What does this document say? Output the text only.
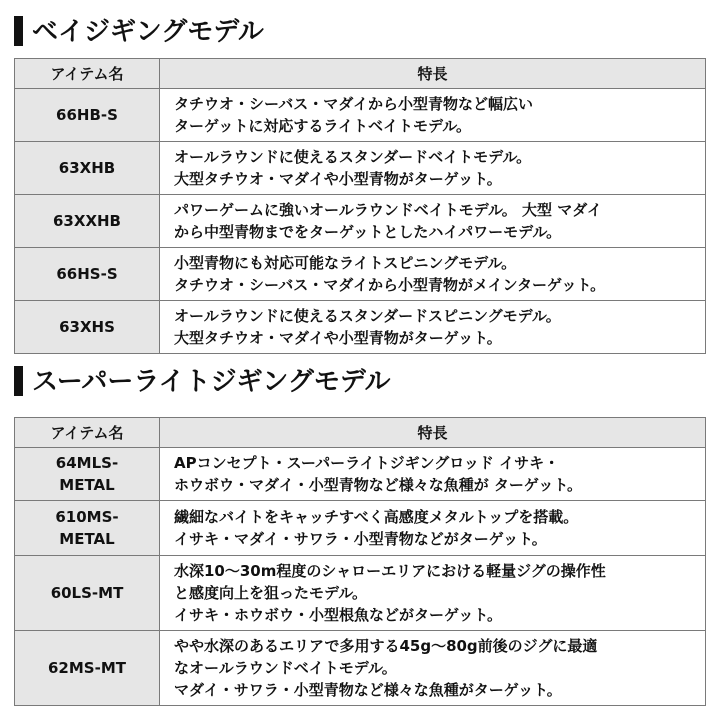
ベイジギングモデル
アイテム名	特長

66HB-S	タチウオ・シーバス・マダイから小型青物など幅広い
ターゲットに対応するライトベイトモデル。

63XHB	オールラウンドに使えるスタンダードベイトモデル。
大型タチウオ・マダイや小型青物がターゲット。

63XXHB	パワーゲームに強いオールラウンドベイトモデル。 大型 マダイ
から中型青物までをターゲットとしたハイパワーモデル。

66HS-S	小型青物にも対応可能なライトスピニングモデル。
タチウオ・シーバス・マダイから小型青物がメインターゲット。

63XHS	オールラウンドに使えるスタンダードスピニングモデル。
大型タチウオ・マダイや小型青物がターゲット。
スーパーライトジギングモデル
アイテム名	特長

64MLS-
METAL	APコンセプト・スーパーライトジギングロッド イサキ・
ホウボウ・マダイ・小型青物など様々な魚種が ターゲット。

610MS-
METAL	繊細なバイトをキャッチすべく高感度メタルトップを搭載。
イサキ・マダイ・サワラ・小型青物などがターゲット。

60LS-MT	水深10～30m程度のシャローエリアにおける軽量ジグの操作性
と感度向上を狙ったモデル。
イサキ・ホウボウ・小型根魚などがターゲット。

62MS-MT	やや水深のあるエリアで多用する45g～80g前後のジグに最適
なオールラウンドベイトモデル。
マダイ・サワラ・小型青物など様々な魚種がターゲット。
